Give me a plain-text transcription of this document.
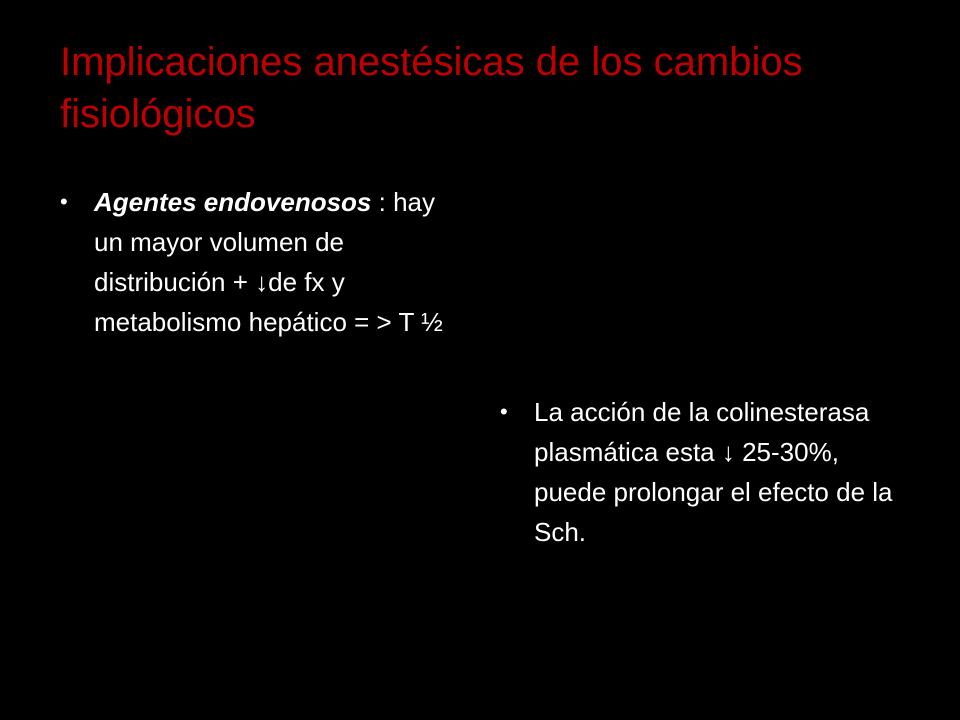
Implicaciones anestésicas de los cambios fisiológicos
•	Agentes endovenosos : hay un mayor volumen de distribución + ↓de fx y metabolismo hepático = > T ½
•	La acción de la colinesterasa plasmática esta ↓ 25-30%, puede prolongar el efecto de la Sch.
